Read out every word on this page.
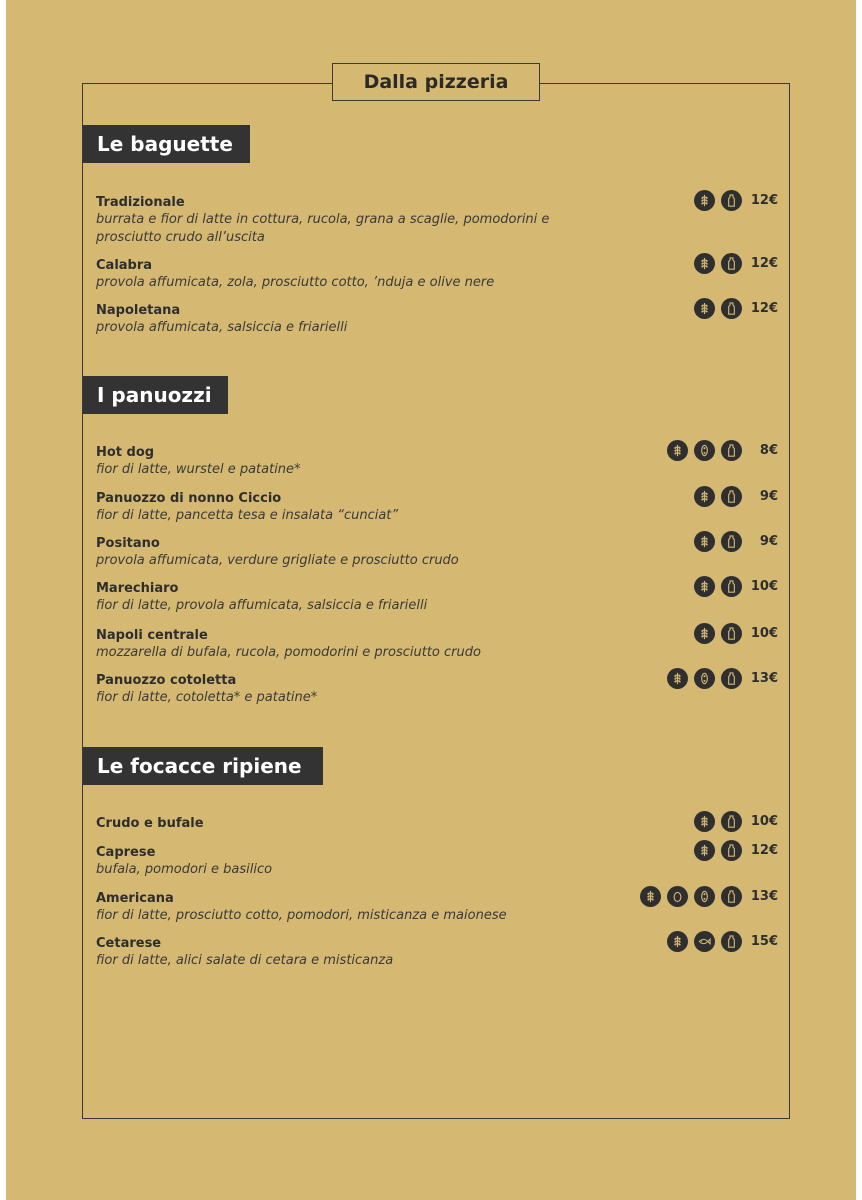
Dalla pizzeria
Le baguette
I panuozzi
Le focacce ripiene
Tradizionale
burrata e fior di latte in cottura, rucola, grana a scaglie, pomodorini e prosciutto crudo all’uscita
12€
Calabra
provola affumicata, zola, prosciutto cotto, ’nduja e olive nere
12€
Napoletana
provola affumicata, salsiccia e friarielli
12€
Hot dog
fior di latte, wurstel e patatine*
8€
Panuozzo di nonno Ciccio
fior di latte, pancetta tesa e insalata “cunciat”
9€
Positano
provola affumicata, verdure grigliate e prosciutto crudo
9€
Marechiaro
fior di latte, provola affumicata, salsiccia e friarielli
10€
Napoli centrale
mozzarella di bufala, rucola, pomodorini e prosciutto crudo
10€
Panuozzo cotoletta
fior di latte, cotoletta* e patatine*
13€
Crudo e bufale	10€
Caprese
bufala, pomodori e basilico
12€
Americana
fior di latte, prosciutto cotto, pomodori, misticanza e maionese
13€
Cetarese
fior di latte, alici salate di cetara e misticanza
15€
